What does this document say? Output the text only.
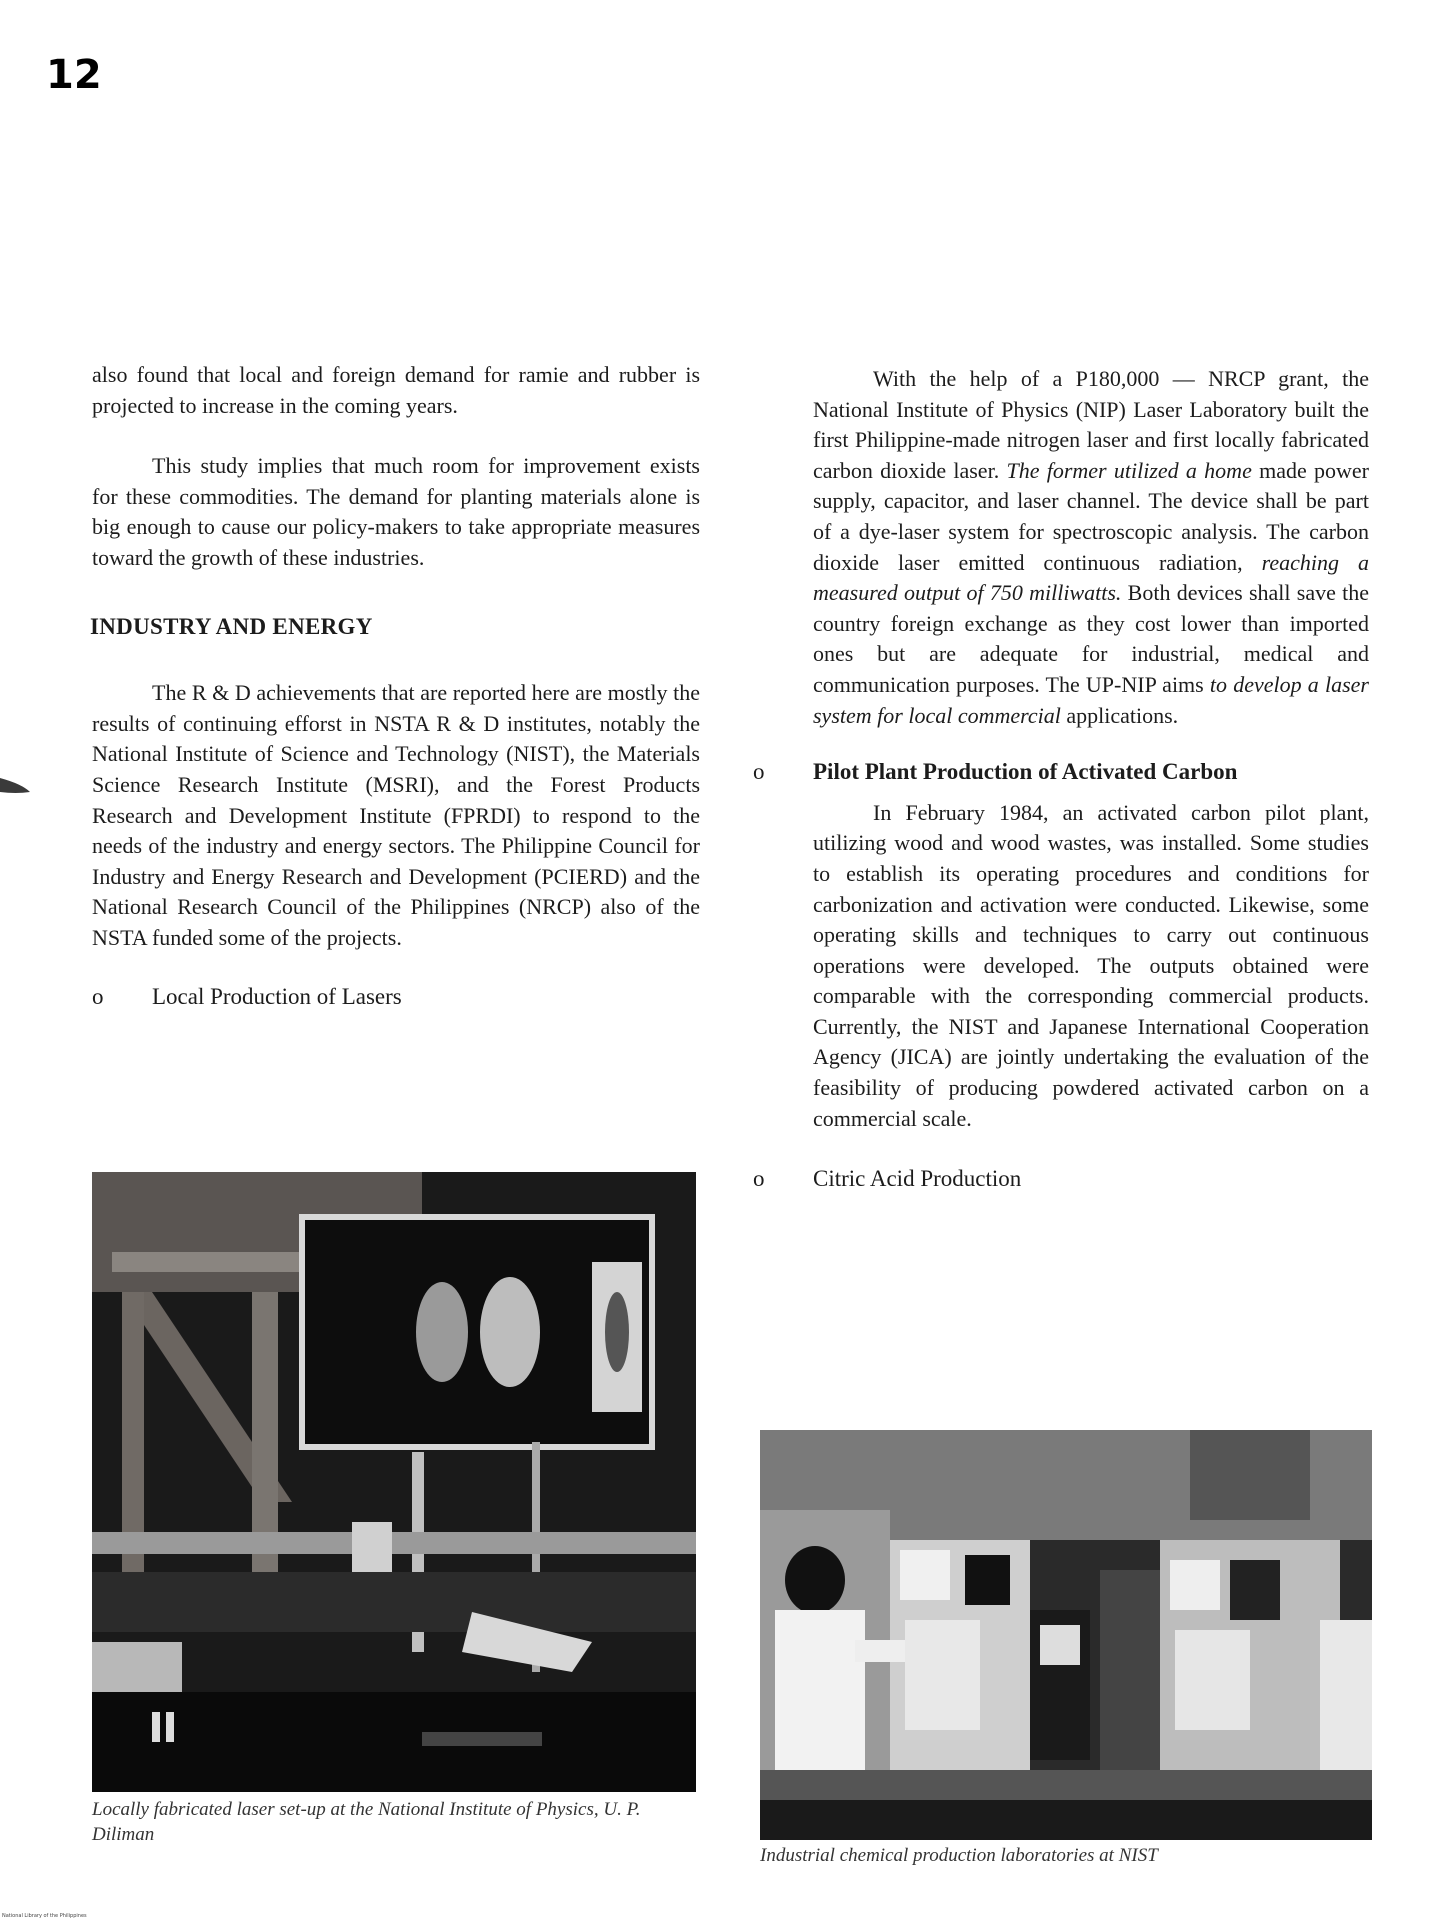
12

also found that local and foreign demand for ramie and rubber is projected to increase in the coming years.

This study implies that much room for improvement exists for these commodities. The demand for planting materials alone is big enough to cause our policy-makers to take appropriate measures toward the growth of these industries.

INDUSTRY AND ENERGY

The R & D achievements that are reported here are mostly the results of continuing efforst in NSTA R & D institutes, notably the National Institute of Science and Technology (NIST), the Materials Science Research Institute (MSRI), and the Forest Products Research and Development Institute (FPRDI) to respond to the needs of the industry and energy sectors. The Philippine Council for Industry and Energy Research and Development (PCIERD) and the National Research Council of the Philippines (NRCP) also of the NSTA funded some of the projects.

o	Local Production of Lasers
Locally fabricated laser set-up at the National Institute of Physics, U. P. Diliman

With the help of a P180,000 — NRCP grant, the National Institute of Physics (NIP) Laser Laboratory built the first Philippine-made nitrogen laser and first locally fabricated carbon dioxide laser. The former utilized a home made power supply, capacitor, and laser channel. The device shall be part of a dye-laser system for spectroscopic analysis. The carbon dioxide laser emitted continuous radiation, reaching a measured output of 750 milliwatts. Both devices shall save the country foreign exchange as they cost lower than imported ones but are adequate for industrial, medical and communication purposes. The UP-NIP aims to develop a laser system for local commercial applications.

o	Pilot Plant Production of Activated Carbon

In February 1984, an activated carbon pilot plant, utilizing wood and wood wastes, was installed. Some studies to establish its operating procedures and conditions for carbonization and activation were conducted. Likewise, some operating skills and techniques to carry out continuous operations were developed. The outputs obtained were comparable with the corresponding commercial products. Currently, the NIST and Japanese International Cooperation Agency (JICA) are jointly undertaking the evaluation of the feasibility of producing powdered activated carbon on a commercial scale.

o	Citric Acid Production
Industrial chemical production laboratories at NIST
National Library of the Philippines
